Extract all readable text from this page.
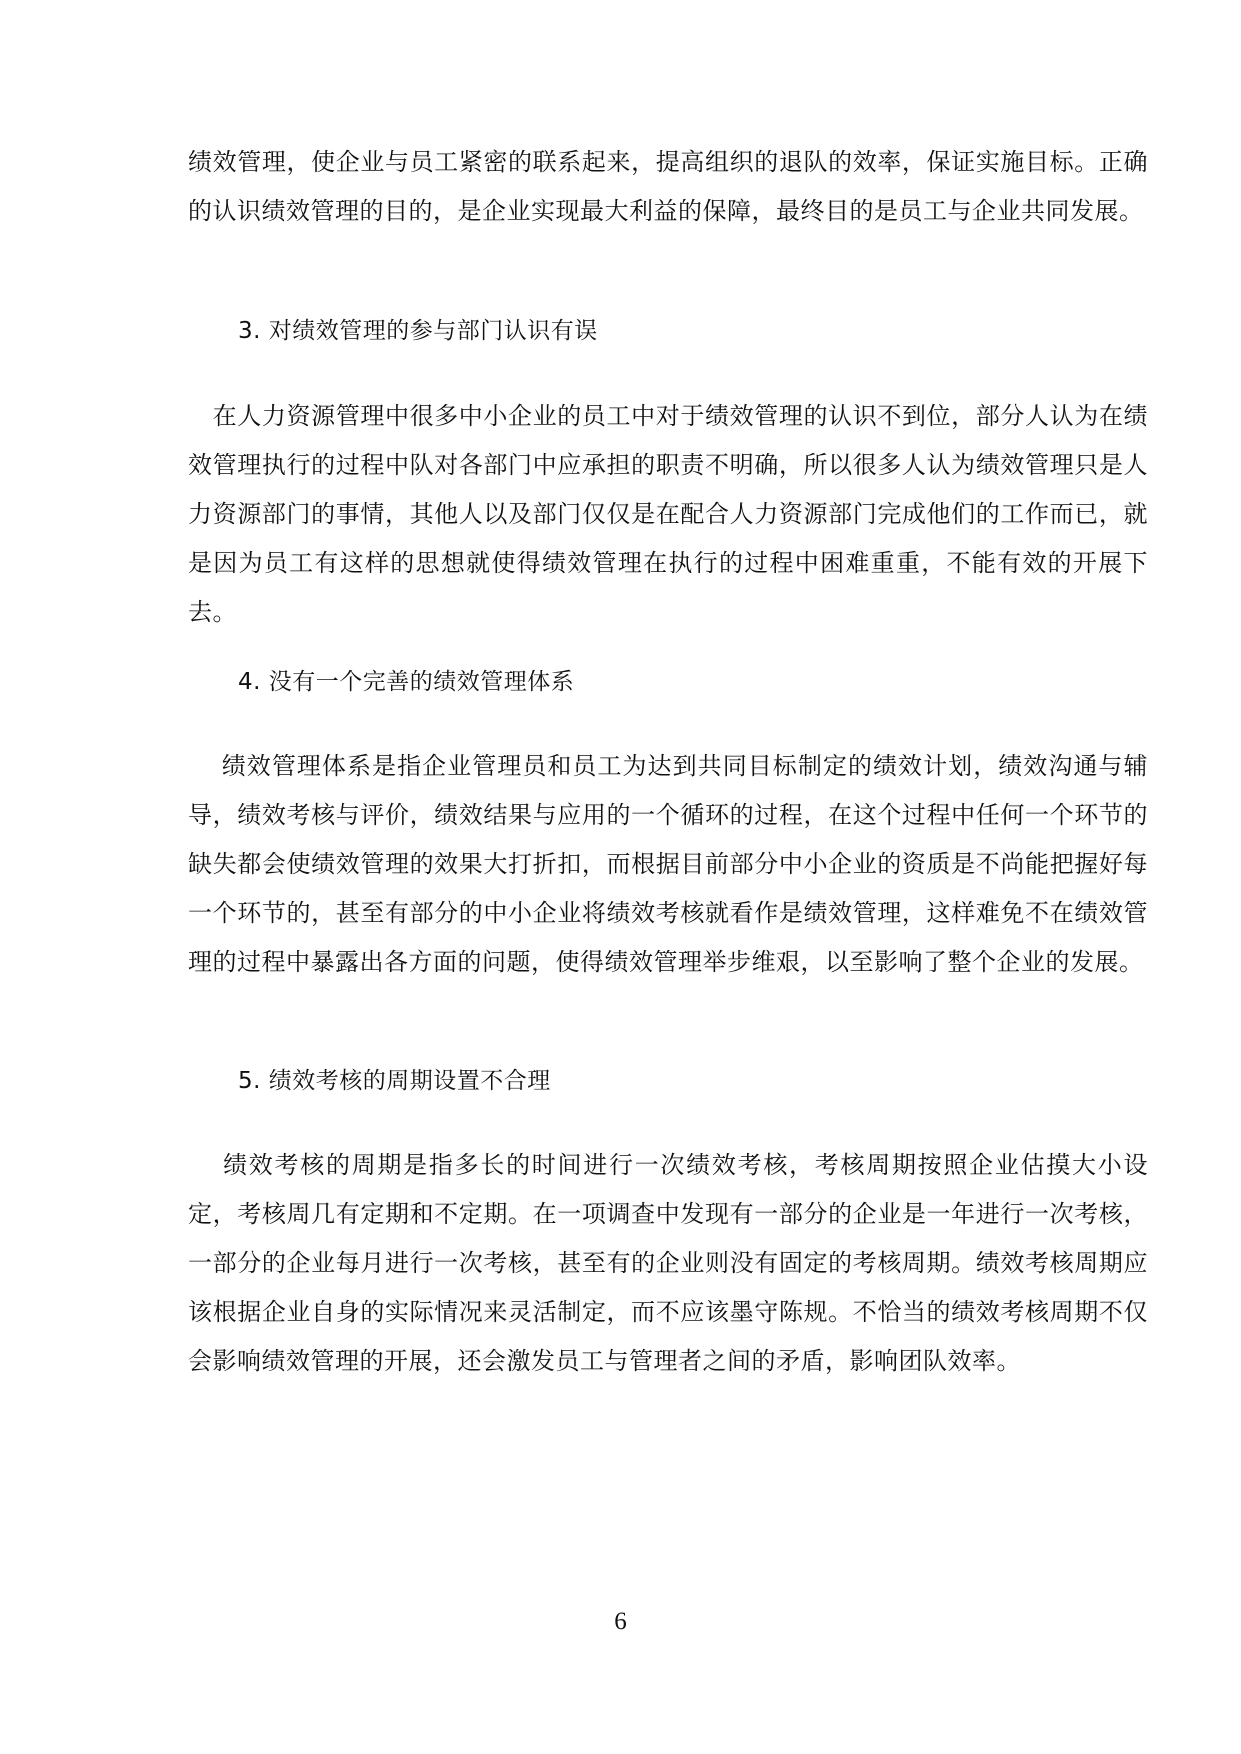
绩效管理，使企业与员工紧密的联系起来，提高组织的退队的效率，保证实施目标。正确的认识绩效管理的目的，是企业实现最大利益的保障，最终目的是员工与企业共同发展。

3. 对绩效管理的参与部门认识有误

　在人力资源管理中很多中小企业的员工中对于绩效管理的认识不到位，部分人认为在绩效管理执行的过程中队对各部门中应承担的职责不明确，所以很多人认为绩效管理只是人力资源部门的事情，其他人以及部门仅仅是在配合人力资源部门完成他们的工作而已，就是因为员工有这样的思想就使得绩效管理在执行的过程中困难重重，不能有效的开展下去。

4. 没有一个完善的绩效管理体系

　 绩效管理体系是指企业管理员和员工为达到共同目标制定的绩效计划，绩效沟通与辅导，绩效考核与评价，绩效结果与应用的一个循环的过程，在这个过程中任何一个环节的缺失都会使绩效管理的效果大打折扣，而根据目前部分中小企业的资质是不尚能把握好每一个环节的，甚至有部分的中小企业将绩效考核就看作是绩效管理，这样难免不在绩效管理的过程中暴露出各方面的问题，使得绩效管理举步维艰，以至影响了整个企业的发展。

5. 绩效考核的周期设置不合理

　 绩效考核的周期是指多长的时间进行一次绩效考核，考核周期按照企业估摸大小设定，考核周几有定期和不定期。在一项调查中发现有一部分的企业是一年进行一次考核，一部分的企业每月进行一次考核，甚至有的企业则没有固定的考核周期。绩效考核周期应该根据企业自身的实际情况来灵活制定，而不应该墨守陈规。不恰当的绩效考核周期不仅会影响绩效管理的开展，还会激发员工与管理者之间的矛盾，影响团队效率。

6
